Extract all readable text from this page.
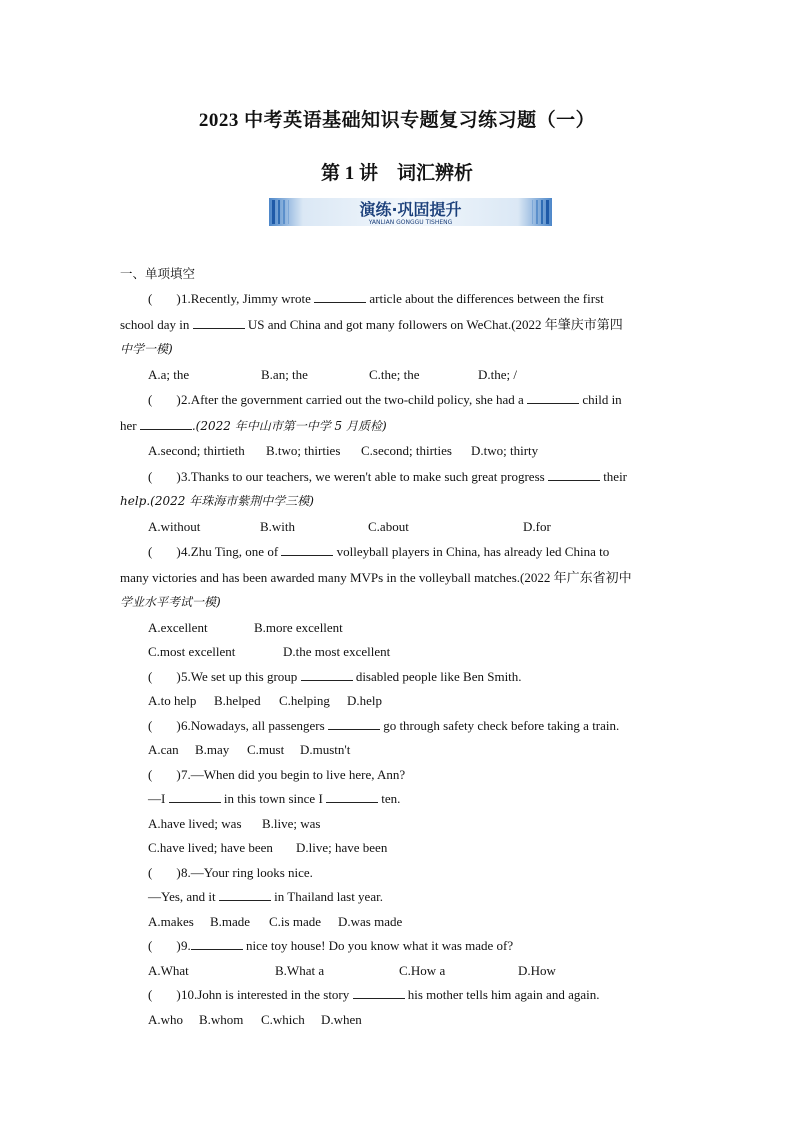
2023 中考英语基础知识专题复习练习题（一）
第 1 讲　词汇辨析
演练·巩固提升
YANLIAN GONGGU TISHENG
一、单项填空
( )1.Recently, Jimmy wrote	article about the differences between the first
school day in	US and China and got many followers on WeChat.(2022 年肇庆市第四
中学一模)
A.a; the	B.an; the	C.the; the	D.the; /
( )2.After the government carried out the two-child policy, she had a	child in
her	.(2022 年中山市第一中学 5 月质检)
A.second; thirtieth B.two; thirties C.second; thirties D.two; thirty
( )3.Thanks to our teachers, we weren't able to make such great progress	their
help.(2022 年珠海市紫荆中学三模)
A.without	B.with	C.about	D.for
( )4.Zhu Ting, one of	volleyball players in China, has already led China to
many victories and has been awarded many MVPs in the volleyball matches.(2022 年广东省初中
学业水平考试一模)
A.excellent	B.more excellent
C.most excellent	D.the most excellent
( )5.We set up this group	disabled people like Ben Smith.
A.to help B.helped C.helping D.help
( )6.Nowadays, all passengers	go through safety check before taking a train.
A.can B.may C.must D.mustn't
( )7.—When did you begin to live here, Ann?
—I	in this town since I	ten.
A.have lived; was B.live; was
C.have lived; have been D.live; have been
( )8.—Your ring looks nice.
—Yes, and it	in Thailand last year.
A.makes B.made C.is made D.was made
( )9.	nice toy house! Do you know what it was made of?
A.What	B.What a	C.How a	D.How
( )10.John is interested in the story	his mother tells him again and again.
A.who B.whom C.which D.when
